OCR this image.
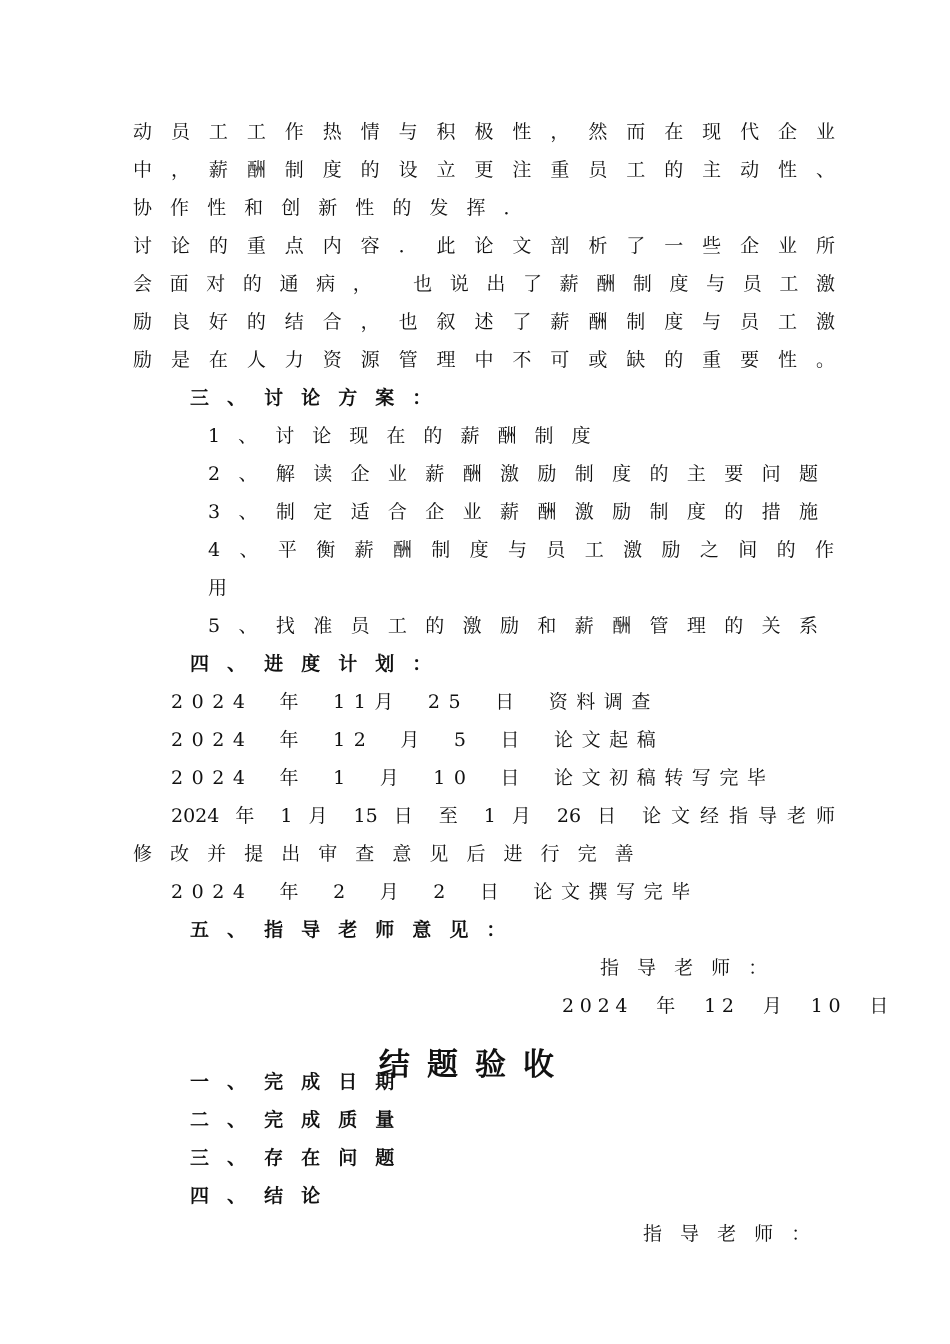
动员工工作热情与积极性，然而在现代企业

中，薪酬制度的设立更注重员工的主动性、

协作性和创新性的发挥．

讨论的重点内容．此论文剖析了一些企业所

会面对的通病， 也说出了薪酬制度与员工激

励良好的结合，也叙述了薪酬制度与员工激

励是在人力资源管理中不可或缺的重要性。

三、讨论方案：

1、讨论现在的薪酬制度

2、解读企业薪酬激励制度的主要问题

3、制定适合企业薪酬激励制度的措施

4、平衡薪酬制度与员工激励之间的作

用

5、找准员工的激励和薪酬管理的关系

四、进度计划：

2024 年 11月 25 日 资料调查

2024 年 12 月 5 日 论文起稿

2024 年 1 月 10 日 论文初稿转写完毕

2024 年 1 月 15 日 至 1 月 26 日 论文经指导老师

修改并提出审查意见后进行完善

2024 年 2 月 2 日 论文撰写完毕

五、指导老师意见：

指导老师：

2024 年 12 月 10 日

结题验收

一、完成日期

二、完成质量

三、存在问题

四、结论

指导老师：
